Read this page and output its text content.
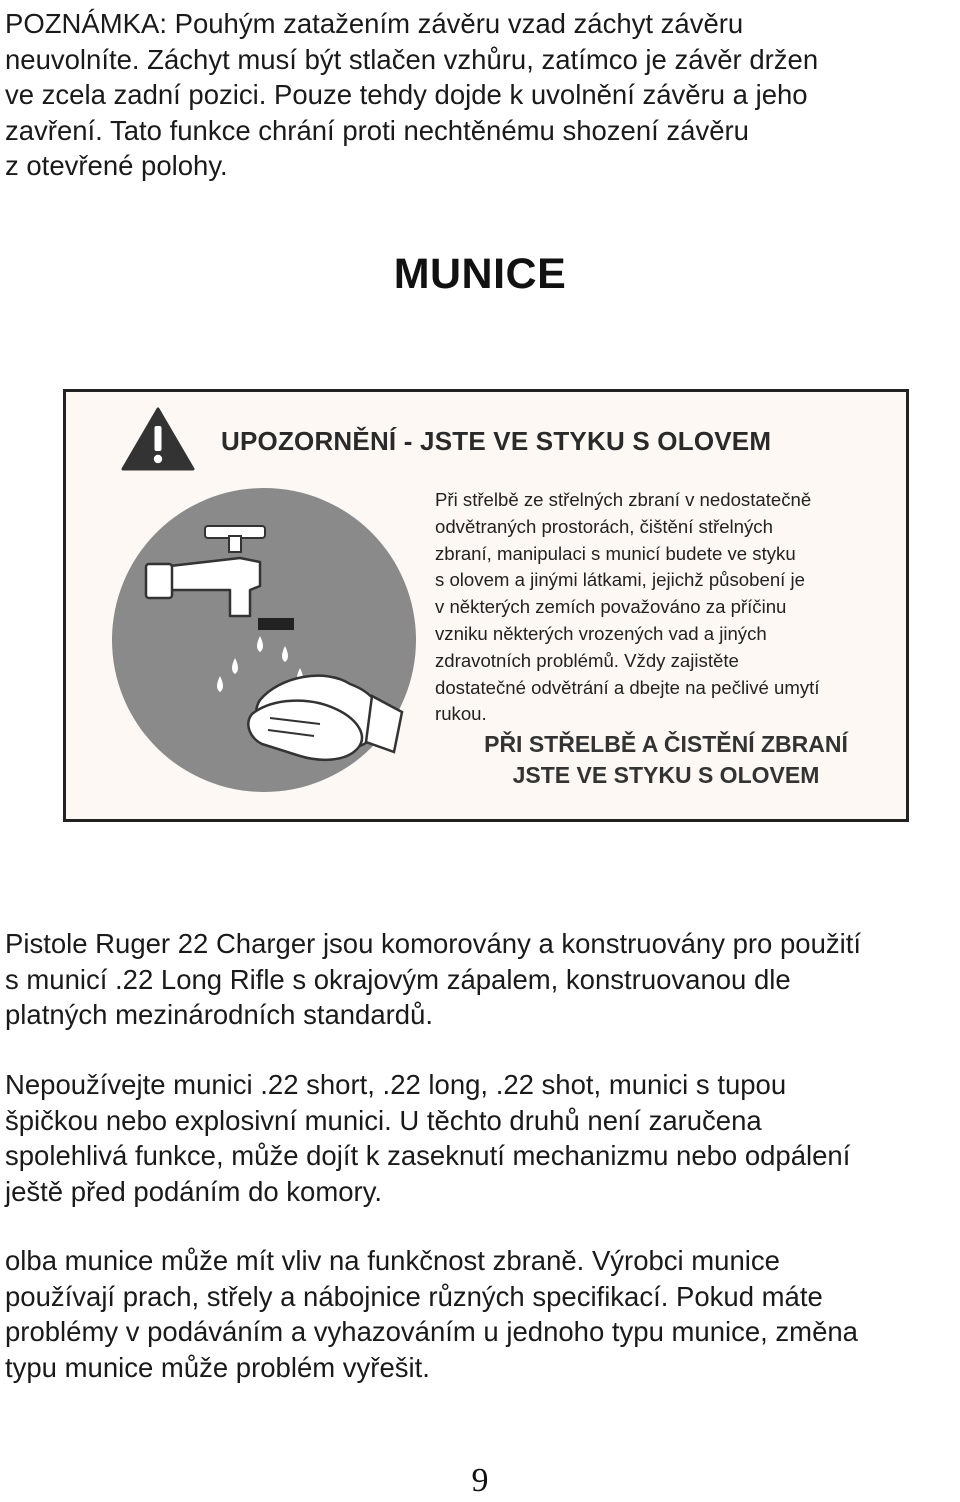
POZNÁMKA: Pouhým zatažením závěru vzad záchyt závěru
neuvolníte. Záchyt musí být stlačen vzhůru, zatímco je závěr držen
ve zcela zadní pozici. Pouze tehdy dojde k uvolnění závěru a jeho
zavření. Tato funkce chrání proti nechtěnému shození závěru
z otevřené polohy.
MUNICE
UPOZORNĚNÍ - JSTE VE STYKU S OLOVEM

Při střelbě ze střelných zbraní v nedostatečně
odvětraných prostorách, čištění střelných
zbraní, manipulaci s municí budete ve styku
s olovem a jinými látkami, jejichž působení je
v některých zemích považováno za příčinu
vzniku některých vrozených vad a jiných
zdravotních problémů. Vždy zajistěte
dostatečné odvětrání a dbejte na pečlivé umytí
rukou.

PŘI STŘELBĚ A ČISTĚNÍ ZBRANÍ
JSTE VE STYKU S OLOVEM

Pistole Ruger 22 Charger jsou komorovány a konstruovány pro použití
s municí .22 Long Rifle s okrajovým zápalem, konstruovanou dle
platných mezinárodních standardů.
Nepoužívejte munici .22 short, .22 long, .22 shot, munici s tupou
špičkou nebo explosivní munici. U těchto druhů není zaručena
spolehlivá funkce, může dojít k zaseknutí mechanizmu nebo odpálení
ještě před podáním do komory.
olba munice může mít vliv na funkčnost zbraně. Výrobci munice
používají prach, střely a nábojnice různých specifikací. Pokud máte
problémy v podáváním a vyhazováním u jednoho typu munice, změna
typu munice může problém vyřešit.
9
